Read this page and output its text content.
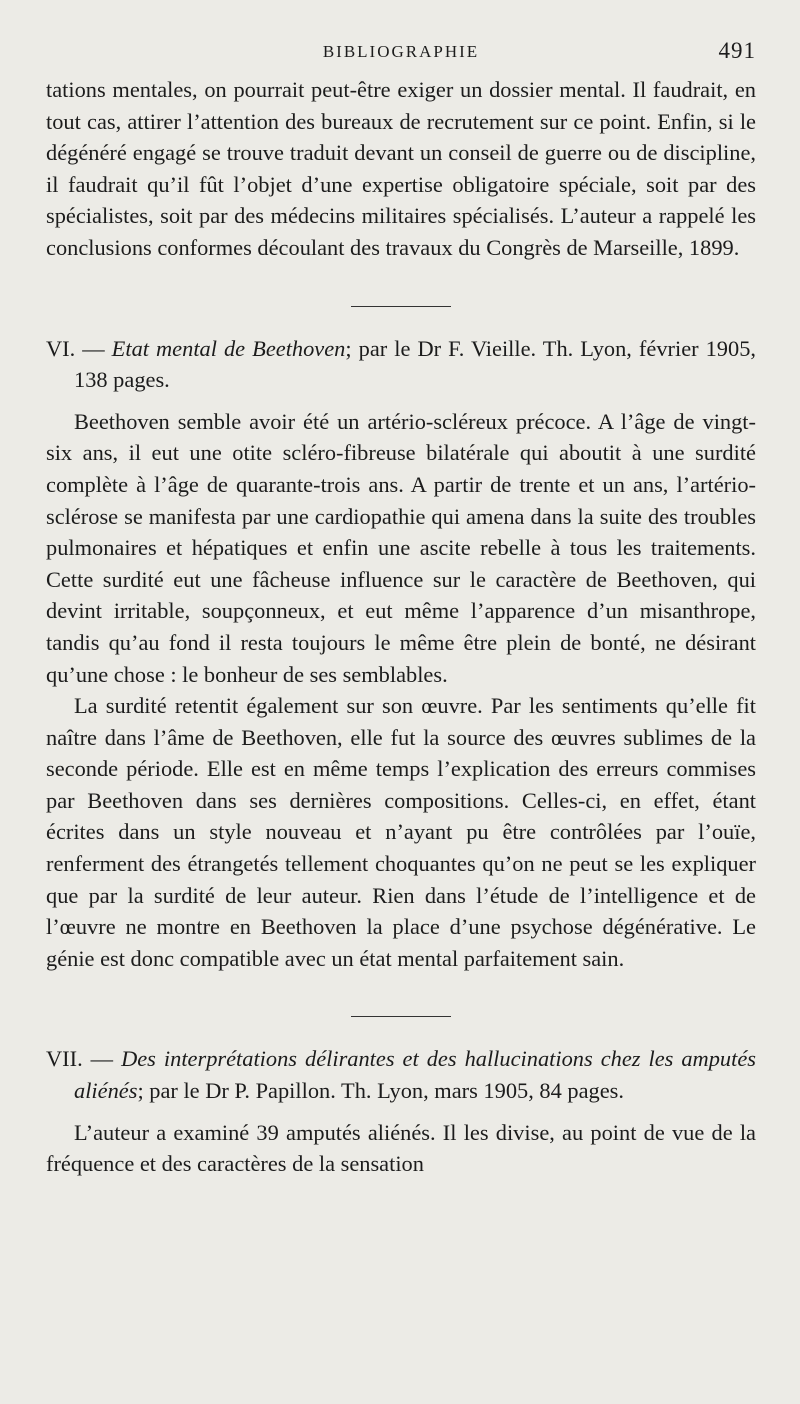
BIBLIOGRAPHIE	491

tations mentales, on pourrait peut-être exiger un dossier mental. Il faudrait, en tout cas, attirer l’attention des bureaux de recrutement sur ce point. Enfin, si le dégénéré engagé se trouve traduit devant un conseil de guerre ou de discipline, il faudrait qu’il fût l’objet d’une expertise obligatoire spéciale, soit par des spécialistes, soit par des médecins militaires spécialisés. L’auteur a rappelé les conclusions conformes découlant des travaux du Congrès de Marseille, 1899.

VI. — Etat mental de Beethoven; par le Dr F. Vieille. Th. Lyon, février 1905, 138 pages.

Beethoven semble avoir été un artério-scléreux précoce. A l’âge de vingt-six ans, il eut une otite scléro-fibreuse bilatérale qui aboutit à une surdité complète à l’âge de quarante-trois ans. A partir de trente et un ans, l’artério-sclérose se manifesta par une cardiopathie qui amena dans la suite des troubles pulmonaires et hépatiques et enfin une ascite rebelle à tous les traitements. Cette surdité eut une fâcheuse influence sur le caractère de Beethoven, qui devint irritable, soupçonneux, et eut même l’apparence d’un misanthrope, tandis qu’au fond il resta toujours le même être plein de bonté, ne désirant qu’une chose : le bonheur de ses semblables.

La surdité retentit également sur son œuvre. Par les sentiments qu’elle fit naître dans l’âme de Beethoven, elle fut la source des œuvres sublimes de la seconde période. Elle est en même temps l’explication des erreurs commises par Beethoven dans ses dernières compositions. Celles-ci, en effet, étant écrites dans un style nouveau et n’ayant pu être contrôlées par l’ouïe, renferment des étrangetés tellement choquantes qu’on ne peut se les expliquer que par la surdité de leur auteur. Rien dans l’étude de l’intelligence et de l’œuvre ne montre en Beethoven la place d’une psychose dégénérative. Le génie est donc compatible avec un état mental parfaitement sain.

VII. — Des interprétations délirantes et des hallucinations chez les amputés aliénés; par le Dr P. Papillon. Th. Lyon, mars 1905, 84 pages.

L’auteur a examiné 39 amputés aliénés. Il les divise, au point de vue de la fréquence et des caractères de la sensation
